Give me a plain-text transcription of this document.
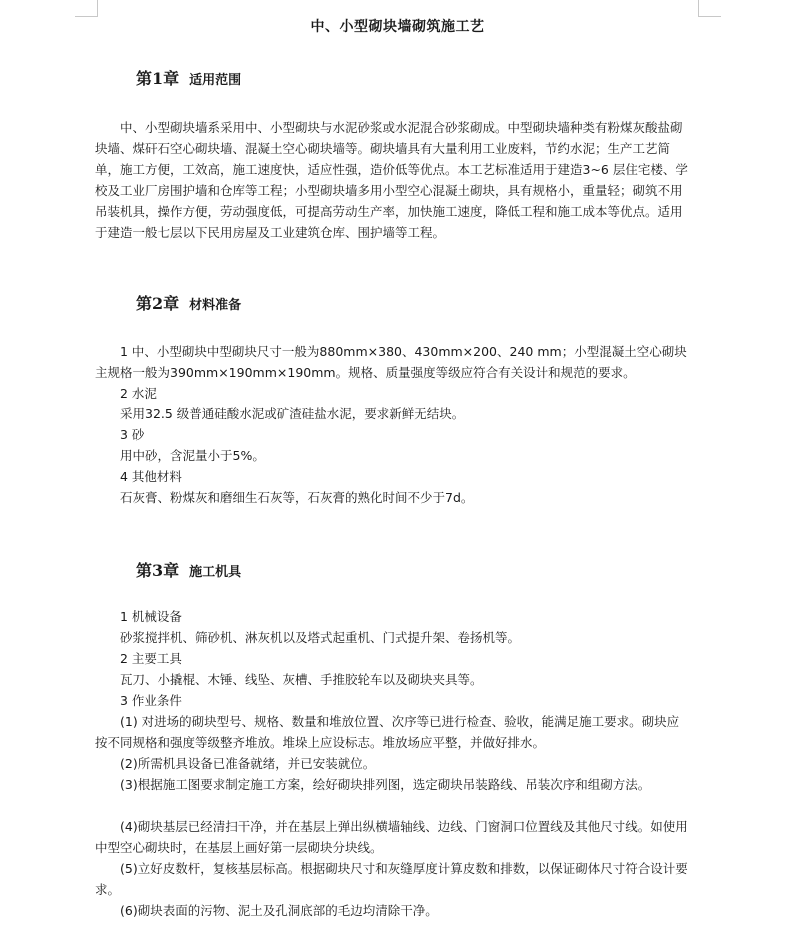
中、小型砌块墙砌筑施工艺
第1章 适用范围
中、小型砌块墙系采用中、小型砌块与水泥砂浆或水泥混合砂浆砌成。中型砌块墙种类有粉煤灰酸盐砌块墙、煤矸石空心砌块墙、混凝土空心砌块墙等。砌块墙具有大量利用工业废料，节约水泥；生产工艺简单，施工方便，工效高，施工速度快，适应性强，造价低等优点。本工艺标准适用于建造3~6 层住宅楼、学校及工业厂房围护墙和仓库等工程；小型砌块墙多用小型空心混凝土砌块，具有规格小，重量轻；砌筑不用吊装机具，操作方便，劳动强度低，可提高劳动生产率，加快施工速度，降低工程和施工成本等优点。适用于建造一般七层以下民用房屋及工业建筑仓库、围护墙等工程。
第2章 材料准备
1 中、小型砌块中型砌块尺寸一般为880mm×380、430mm×200、240 mm；小型混凝土空心砌块主规格一般为390mm×190mm×190mm。规格、质量强度等级应符合有关设计和规范的要求。
2 水泥
采用32.5 级普通硅酸水泥或矿渣硅盐水泥，要求新鲜无结块。
3 砂
用中砂，含泥量小于5%。
4 其他材料
石灰膏、粉煤灰和磨细生石灰等，石灰膏的熟化时间不少于7d。
第3章 施工机具
1 机械设备
砂浆搅拌机、筛砂机、淋灰机以及塔式起重机、门式提升架、卷扬机等。
2 主要工具
瓦刀、小撬棍、木锤、线坠、灰槽、手推胶轮车以及砌块夹具等。
3 作业条件
(1) 对进场的砌块型号、规格、数量和堆放位置、次序等已进行检查、验收，能满足施工要求。砌块应按不同规格和强度等级整齐堆放。堆垛上应设标志。堆放场应平整，并做好排水。
(2)所需机具设备已准备就绪，并已安装就位。
(3)根据施工图要求制定施工方案，绘好砌块排列图，选定砌块吊装路线、吊装次序和组砌方法。
(4)砌块基层已经清扫干净，并在基层上弹出纵横墙轴线、边线、门窗洞口位置线及其他尺寸线。如使用中型空心砌块时，在基层上画好第一层砌块分块线。
(5)立好皮数杆，复核基层标高。根据砌块尺寸和灰缝厚度计算皮数和排数，以保证砌体尺寸符合设计要求。
(6)砌块表面的污物、泥土及孔洞底部的毛边均清除干净。
